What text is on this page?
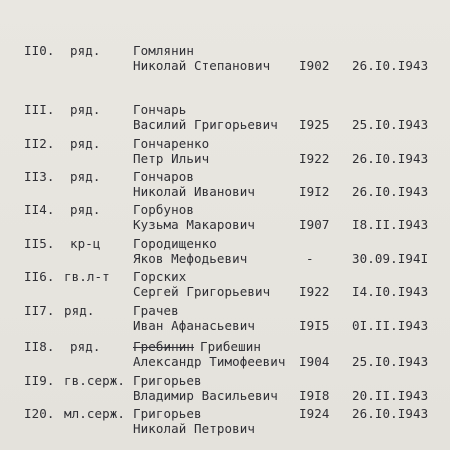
II0. ряд.	Гомлянин
Николай Степанович I902 26.I0.I943
III. ряд.	Гончарь
Василий Григорьевич I925 25.I0.I943
II2. ряд.	Гончаренко
Петр Ильич	I922 26.I0.I943
II3. ряд.	Гончаров
Николай Иванович	I9I2 26.I0.I943
II4. ряд.	Горбунов
Кузьма Макарович	I907 I8.II.I943
II5. кр-ц	Городищенко
Яков Мефодьевич	-	30.09.I94I
II6. гв.л-т Горских
Сергей Григорьевич I922 I4.I0.I943
II7. ряд.	Грачев
Иван Афанасьевич	I9I5 0I.II.I943
II8. ряд.	Гребинин Грибешин
Александр Тимофеевич I904 25.I0.I943
II9. гв.серж. Григорьев
Владимир Васильевич I9I8 20.II.I943
I20. мл.серж. Григорьев
Николай Петрович
I924 26.I0.I943
